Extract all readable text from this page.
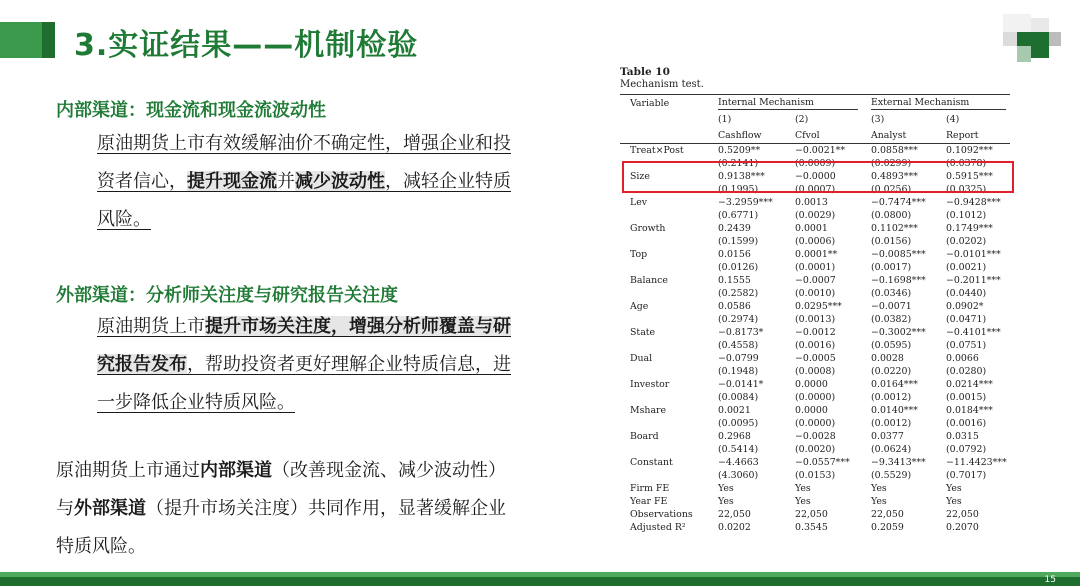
3.实证结果——机制检验
内部渠道：现金流和现金流波动性
原油期货上市有效缓解油价不确定性，增强企业和投
资者信心，提升现金流并减少波动性，减轻企业特质
风险。
外部渠道：分析师关注度与研究报告关注度
原油期货上市提升市场关注度，增强分析师覆盖与研
究报告发布，帮助投资者更好理解企业特质信息，进
一步降低企业特质风险。
原油期货上市通过内部渠道（改善现金流、减少波动性）
与外部渠道（提升市场关注度）共同作用，显著缓解企业
特质风险。
Table 10
Mechanism test.
Variable	Internal Mechanism		External Mechanism	
	(1)	(2)	(3)	(4)
	Cashflow	Cfvol	Analyst	Report
Treat×Post	0.5209**	−0.0021**	0.0858***	0.1092***
	(0.2141)	(0.0009)	(0.0299)	(0.0378)
Size	0.9138***	−0.0000	0.4893***	0.5915***
	(0.1995)	(0.0007)	(0.0256)	(0.0325)
Lev	−3.2959***	0.0013	−0.7474***	−0.9428***
	(0.6771)	(0.0029)	(0.0800)	(0.1012)
Growth	0.2439	0.0001	0.1102***	0.1749***
	(0.1599)	(0.0006)	(0.0156)	(0.0202)
Top	0.0156	0.0001**	−0.0085***	−0.0101***
	(0.0126)	(0.0001)	(0.0017)	(0.0021)
Balance	0.1555	−0.0007	−0.1698***	−0.2011***
	(0.2582)	(0.0010)	(0.0346)	(0.0440)
Age	0.0586	0.0295***	−0.0071	0.0902*
	(0.2974)	(0.0013)	(0.0382)	(0.0471)
State	−0.8173*	−0.0012	−0.3002***	−0.4101***
	(0.4558)	(0.0016)	(0.0595)	(0.0751)
Dual	−0.0799	−0.0005	0.0028	0.0066
	(0.1948)	(0.0008)	(0.0220)	(0.0280)
Investor	−0.0141*	0.0000	0.0164***	0.0214***
	(0.0084)	(0.0000)	(0.0012)	(0.0015)
Mshare	0.0021	0.0000	0.0140***	0.0184***
	(0.0095)	(0.0000)	(0.0012)	(0.0016)
Board	0.2968	−0.0028	0.0377	0.0315
	(0.5414)	(0.0020)	(0.0624)	(0.0792)
Constant	−4.4663	−0.0557***	−9.3413***	−11.4423***
	(4.3060)	(0.0153)	(0.5529)	(0.7017)
Firm FE	Yes	Yes	Yes	Yes
Year FE	Yes	Yes	Yes	Yes
Observations	22,050	22,050	22,050	22,050
Adjusted R²	0.0202	0.3545	0.2059	0.2070
15
